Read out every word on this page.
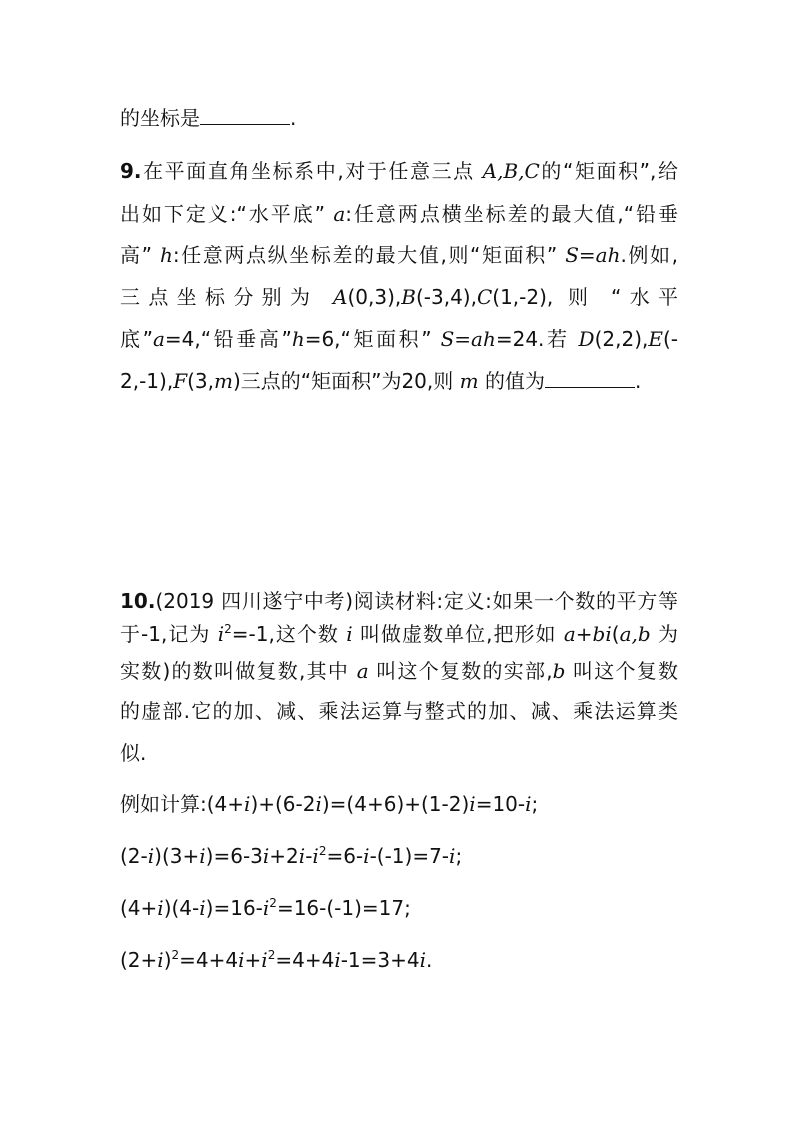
的坐标是	.
9.在平面直角坐标系中,对于任意三点 A,B,C的“矩面积”,给
出如下定义:“水平底” a:任意两点横坐标差的最大值,“铅垂
高” h:任意两点纵坐标差的最大值,则“矩面积” S=ah.例如,
三点坐标分别为 A(0,3),B(-3,4),C(1,-2), 则 “水平
底”a=4,“铅垂高”h=6,“矩面积” S=ah=24.若 D(2,2),E(-
2,-1),F(3,m)三点的“矩面积”为20,则 m 的值为	.
10.(2019 四川遂宁中考)阅读材料:定义:如果一个数的平方等
于-1,记为 $i^2=-1$,这个数 i 叫做虚数单位,把形如 a+bi(a,b 为
实数)的数叫做复数,其中 a 叫这个复数的实部,b 叫这个复数
的虚部.它的加、减、乘法运算与整式的加、减、乘法运算类
似.
例如计算:(4+i)+(6-2i)=(4+6)+(1-2)i=10-i;
$(2-i)(3+i)=6-3i+2i-i^2=6-i-(-1)=7-i$;
$(4+i)(4-i)=16-i^2=16-(-1)=17$;
$(2+i)^2=4+4i+i^2=4+4i-1=3+4i$.
